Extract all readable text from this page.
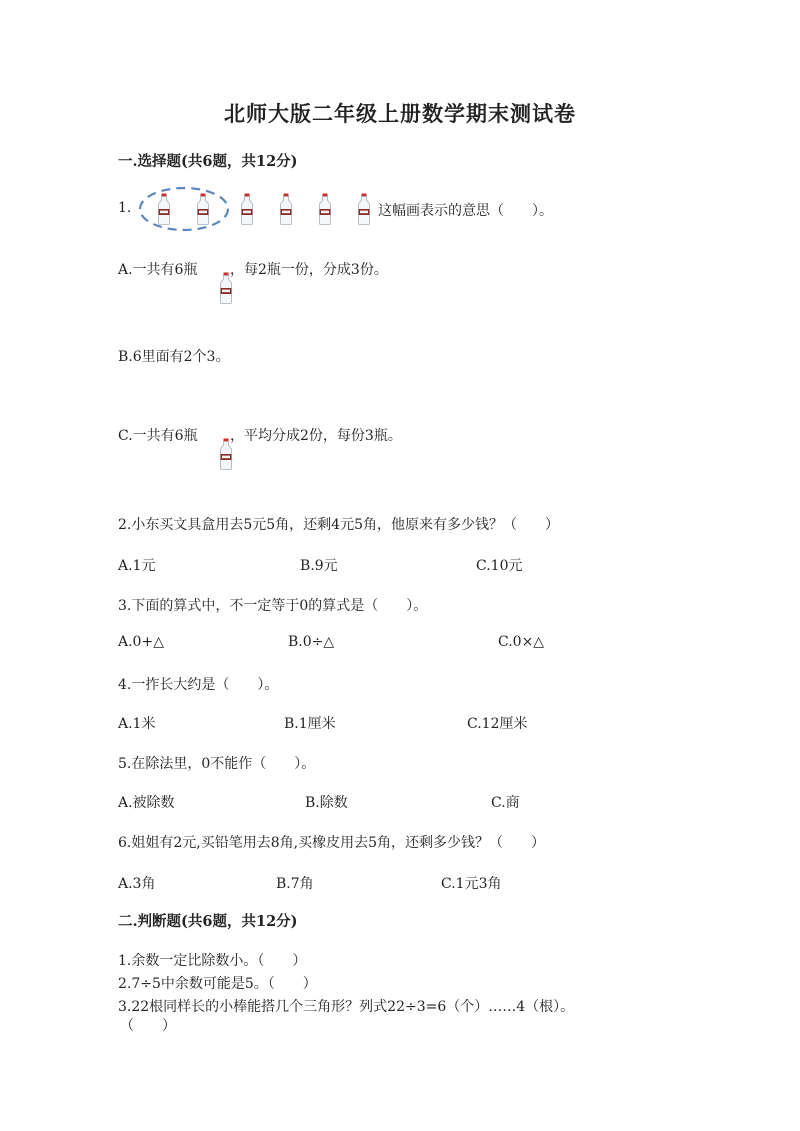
北师大版二年级上册数学期末测试卷
一.选择题(共6题，共12分)
1.	这幅画表示的意思（　　）。
A.一共有6瓶 ，每2瓶一份，分成3份。
B.6里面有2个3。
C.一共有6瓶 ，平均分成2份，每份3瓶。
2.小东买文具盒用去5元5角，还剩4元5角，他原来有多少钱？（　　）
A.1元	B.9元	C.10元
3.下面的算式中，不一定等于0的算式是（　　）。
A.0+△	B.0÷△	C.0×△
4.一拃长大约是（　　）。
A.1米	B.1厘米	C.12厘米
5.在除法里，0不能作（　　）。
A.被除数	B.除数	C.商
6.姐姐有2元,买铅笔用去8角,买橡皮用去5角，还剩多少钱？（　　）
A.3角	B.7角	C.1元3角
二.判断题(共6题，共12分)
1.余数一定比除数小。（　　）
2.7÷5中余数可能是5。（　　）
3.22根同样长的小棒能搭几个三角形？列式22÷3=6（个）……4（根）。
（　　）
